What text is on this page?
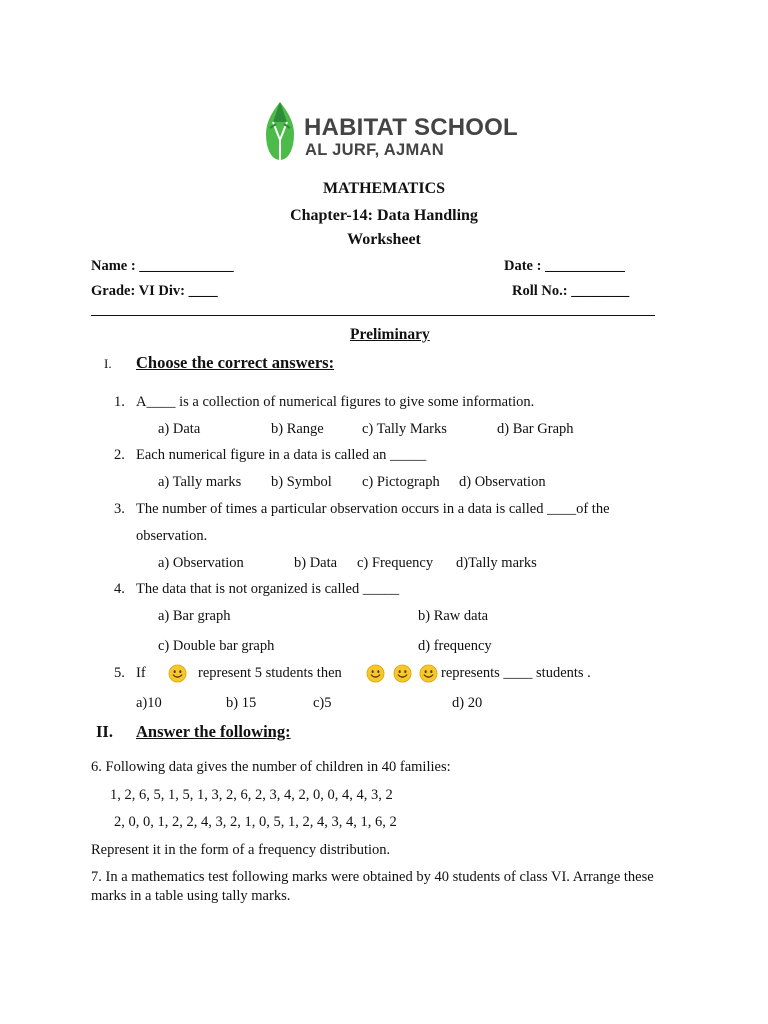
HABITAT SCHOOL
AL JURF, AJMAN
MATHEMATICS
Chapter-14: Data Handling
Worksheet
Name : _____________	Date : ___________
Grade: VI Div: ____	Roll No.: ________
Preliminary
I. Choose the correct answers:
1. A____ is a collection of numerical figures to give some information.
a) Data	b) Range	c) Tally Marks	d) Bar Graph
2. Each numerical figure in a data is called an _____
a) Tally marks b) Symbol c) Pictograph d) Observation
3. The number of times a particular observation occurs in a data is called ____of the
observation.
a) Observation	b) Data c) Frequency d)Tally marks
4. The data that is not organized is called _____
a) Bar graph	b) Raw data
c) Double bar graph	d) frequency
5. If	represent 5 students then	represents ____ students .
a)10	b) 15	c)5	d) 20
II. Answer the following:
6. Following data gives the number of children in 40 families:
1, 2, 6, 5, 1, 5, 1, 3, 2, 6, 2, 3, 4, 2, 0, 0, 4, 4, 3, 2
2, 0, 0, 1, 2, 2, 4, 3, 2, 1, 0, 5, 1, 2, 4, 3, 4, 1, 6, 2
Represent it in the form of a frequency distribution.
7. In a mathematics test following marks were obtained by 40 students of class VI. Arrange these
marks in a table using tally marks.
